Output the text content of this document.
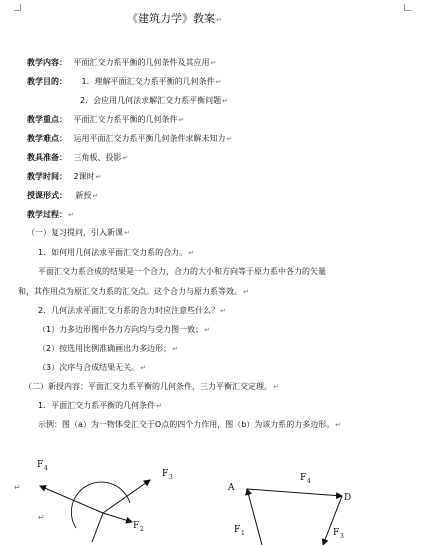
《建筑力学》教案↵
教学内容： 平面汇交力系平衡的几何条件及其应用↵
教学目的： 1．理解平面汇交力系平衡的几何条件↵
2．会应用几何法求解汇交力系平衡问题↵
教学重点： 平面汇交力系平衡的几何条件↵
教学难点： 运用平面汇交力系平衡几何条件求解未知力↵
教具准备： 三角板、投影↵
教学时间： 2课时↵
授课形式： 新授↵
教学过程：↵
（一）复习提问，引入新课↵
1．如何用几何法求平面汇交力系的合力。↵
平面汇交力系合成的结果是一个合力，合力的大小和方向等于原力系中各力的矢量
和，其作用点为原汇交力系的汇交点。这个合力与原力系等效。↵
2．几何法求平面汇交力系的合力时应注意些什么？↵
（1）力多边形图中各力方向均与受力图一致；↵
（2）按选用比例准确画出力多边形；↵
（3）次序与合成结果无关。↵
（二）新授内容：平面汇交力系平衡的几何条件，三力平衡汇交定理。↵
1．平面汇交力系平衡的几何条件↵
示例：图（a）为一物体受汇交于O点的四个力作用，图（b）为该力系的力多边形。↵
↵
↵
F 4
F 3
F 2
A
D
F 4
F 1	F 3
